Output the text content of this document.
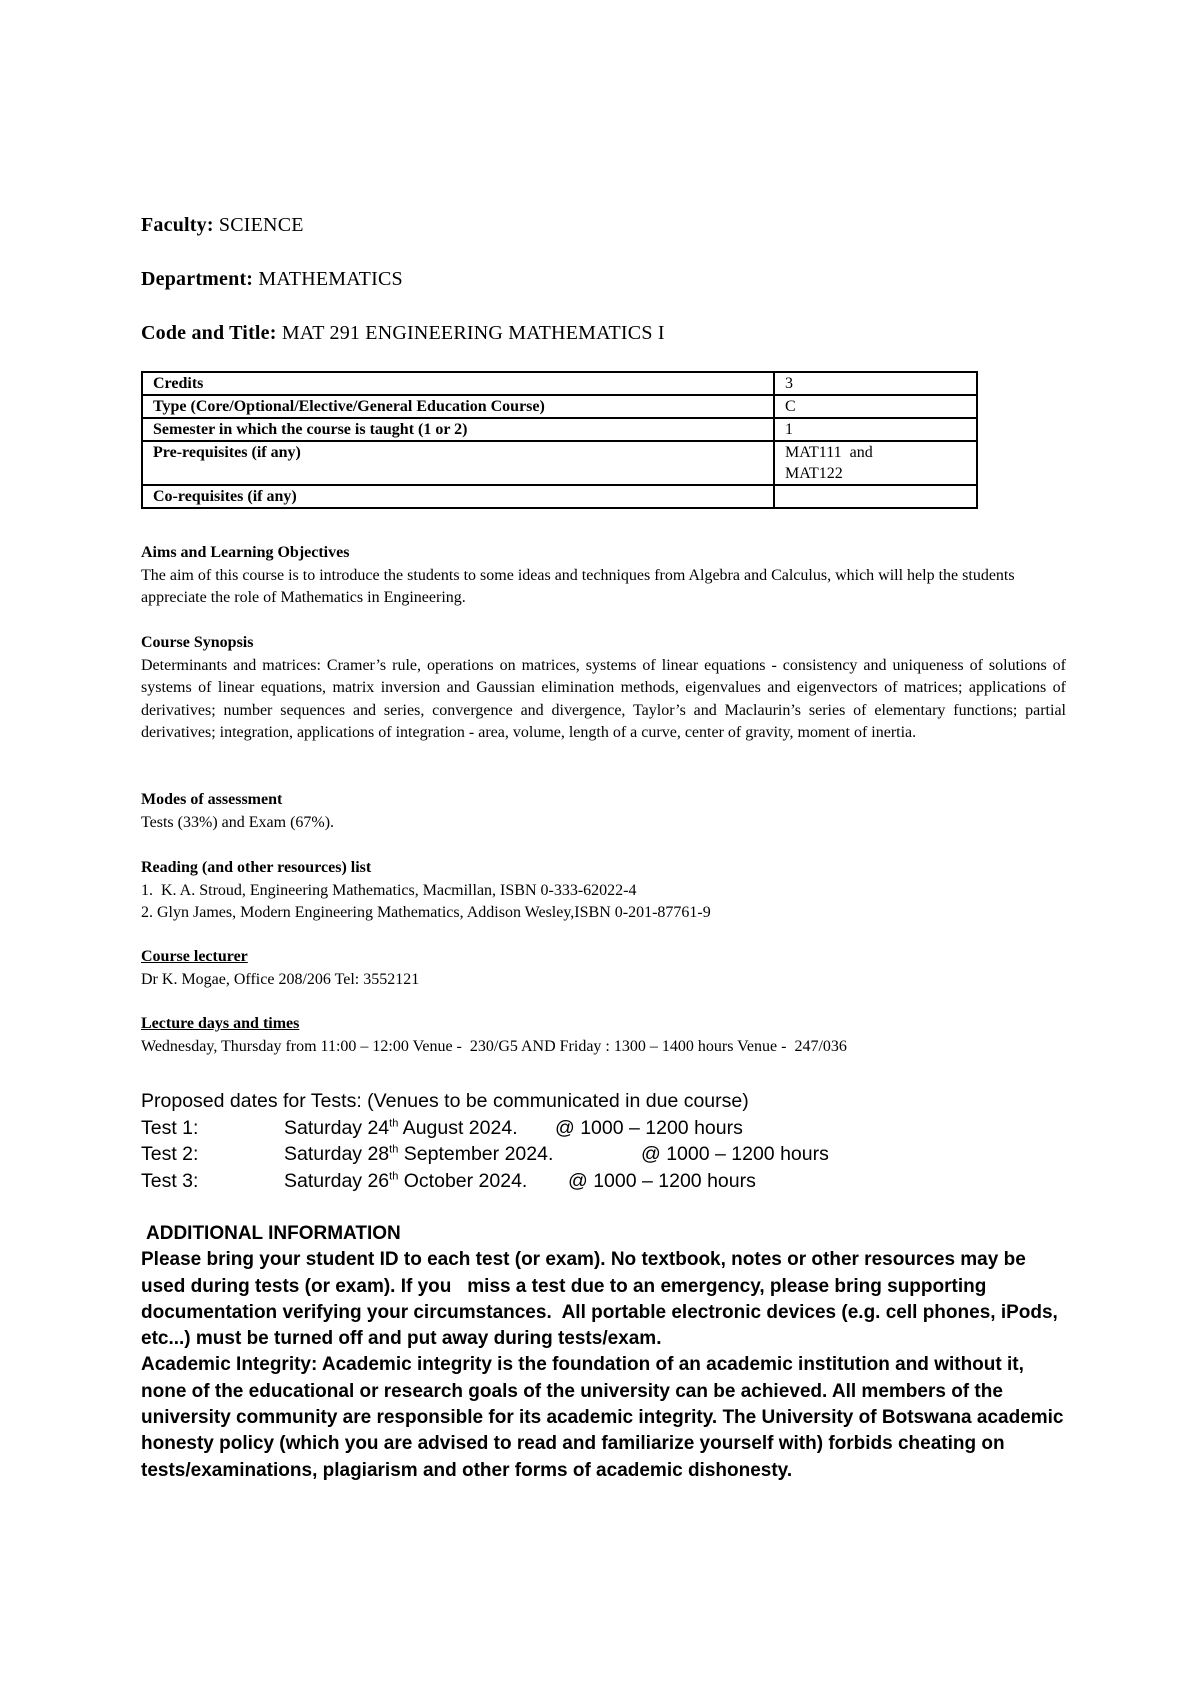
Faculty: SCIENCE
Department: MATHEMATICS
Code and Title: MAT 291 ENGINEERING MATHEMATICS I
Credits	3
Type (Core/Optional/Elective/General Education Course)	C
Semester in which the course is taught (1 or 2)	1
Pre-requisites (if any)	MAT111  and
MAT122

Co-requisites (if any)	
Aims and Learning Objectives
The aim of this course is to introduce the students to some ideas and techniques from Algebra and Calculus, which will help the students appreciate the role of Mathematics in Engineering.
Course Synopsis
Determinants and matrices: Cramer’s rule, operations on matrices, systems of linear equations - consistency and uniqueness of solutions of systems of linear equations, matrix inversion and Gaussian elimination methods, eigenvalues and eigenvectors of matrices; applications of derivatives; number sequences and series, convergence and divergence, Taylor’s and Maclaurin’s series of elementary functions; partial derivatives; integration, applications of integration - area, volume, length of a curve, center of gravity, moment of inertia.
Modes of assessment
Tests (33%) and Exam (67%).
Reading (and other resources) list
1.  K. A. Stroud, Engineering Mathematics, Macmillan, ISBN 0-333-62022-4
2. Glyn James, Modern Engineering Mathematics, Addison Wesley,ISBN 0-201-87761-9
Course lecturer
Dr K. Mogae, Office 208/206 Tel: 3552121
Lecture days and times
Wednesday, Thursday from 11:00 – 12:00 Venue -  230/G5 AND Friday : 1300 – 1400 hours Venue -  247/036
Proposed dates for Tests: (Venues to be communicated in due course)
Test 1:	Saturday 24th August 2024. @ 1000 – 1200 hours
Test 2:	Saturday 28th September 2024.	@ 1000 – 1200 hours
Test 3:	Saturday 26th October 2024. @ 1000 – 1200 hours
ADDITIONAL INFORMATION
Please bring your student ID to each test (or exam). No textbook, notes or other resources may be used during tests (or exam). If you   miss a test due to an emergency, please bring supporting documentation verifying your circumstances.  All portable electronic devices (e.g. cell phones, iPods, etc...) must be turned off and put away during tests/exam.
Academic Integrity: Academic integrity is the foundation of an academic institution and without it, none of the educational or research goals of the university can be achieved. All members of the university community are responsible for its academic integrity. The University of Botswana academic honesty policy (which you are advised to read and familiarize yourself with) forbids cheating on tests/examinations, plagiarism and other forms of academic dishonesty.
